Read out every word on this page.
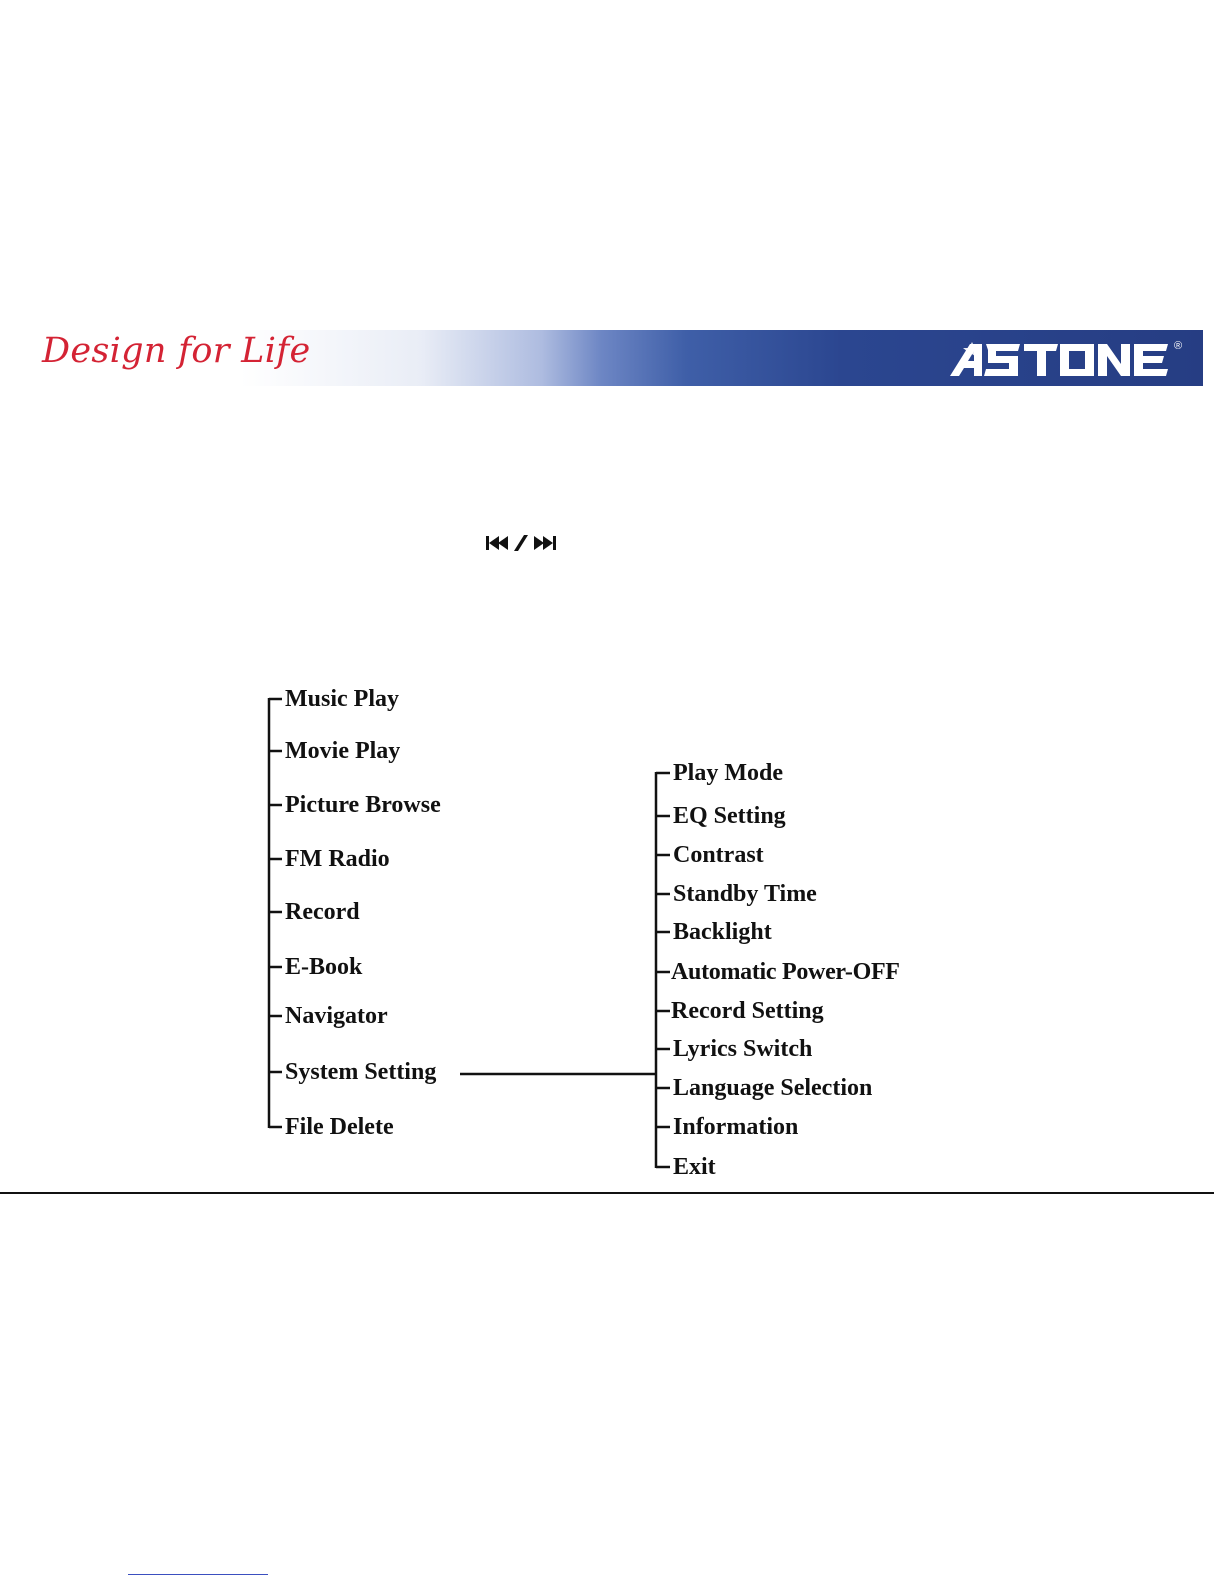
Design for Life	®
Music Play
Movie Play
Picture Browse
FM Radio
Record
E-Book
Navigator
System Setting
File Delete
Play Mode
EQ Setting
Contrast
Standby Time
Backlight
Automatic Power-OFF
Record Setting
Lyrics Switch
Language Selection
Information
Exit
